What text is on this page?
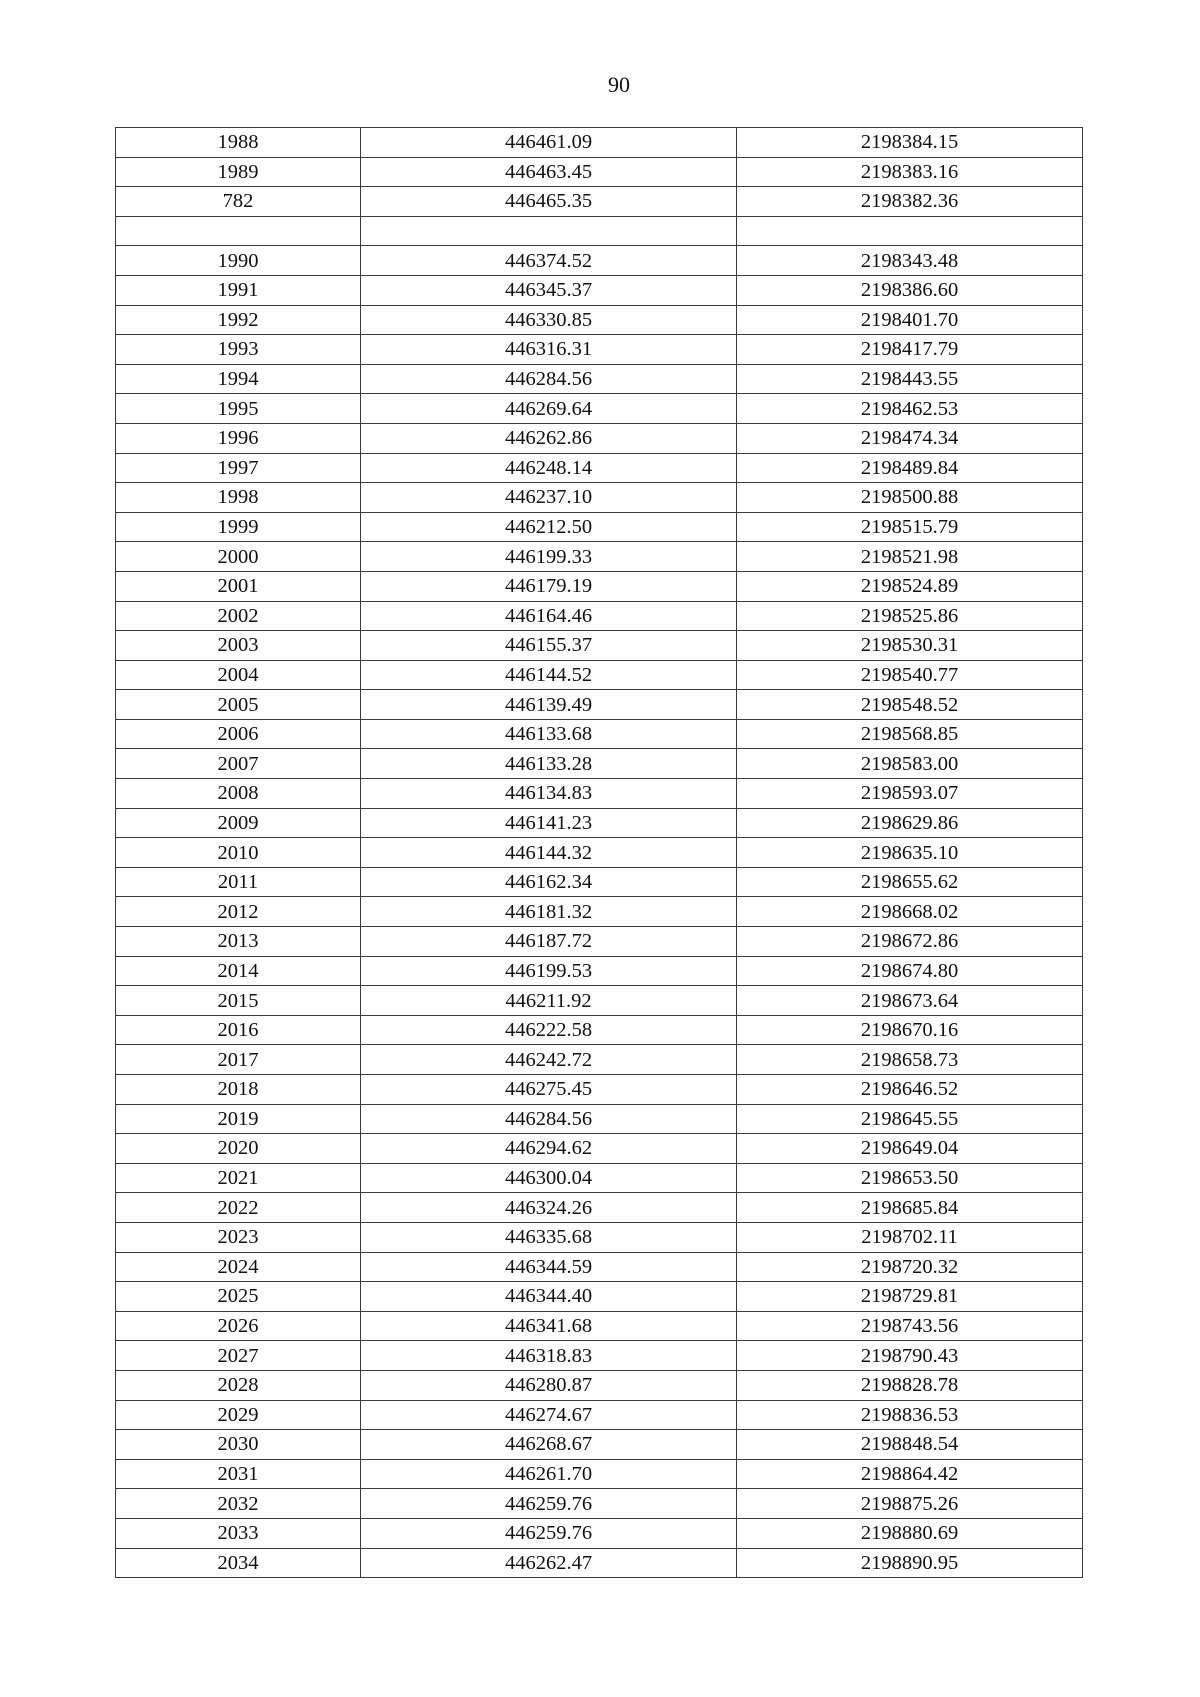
90
1988	446461.09	2198384.15
1989	446463.45	2198383.16
782	446465.35	2198382.36

1990	446374.52	2198343.48
1991	446345.37	2198386.60
1992	446330.85	2198401.70
1993	446316.31	2198417.79
1994	446284.56	2198443.55
1995	446269.64	2198462.53
1996	446262.86	2198474.34
1997	446248.14	2198489.84
1998	446237.10	2198500.88
1999	446212.50	2198515.79
2000	446199.33	2198521.98
2001	446179.19	2198524.89
2002	446164.46	2198525.86
2003	446155.37	2198530.31
2004	446144.52	2198540.77
2005	446139.49	2198548.52
2006	446133.68	2198568.85
2007	446133.28	2198583.00
2008	446134.83	2198593.07
2009	446141.23	2198629.86
2010	446144.32	2198635.10
2011	446162.34	2198655.62
2012	446181.32	2198668.02
2013	446187.72	2198672.86
2014	446199.53	2198674.80
2015	446211.92	2198673.64
2016	446222.58	2198670.16
2017	446242.72	2198658.73
2018	446275.45	2198646.52
2019	446284.56	2198645.55
2020	446294.62	2198649.04
2021	446300.04	2198653.50
2022	446324.26	2198685.84
2023	446335.68	2198702.11
2024	446344.59	2198720.32
2025	446344.40	2198729.81
2026	446341.68	2198743.56
2027	446318.83	2198790.43
2028	446280.87	2198828.78
2029	446274.67	2198836.53
2030	446268.67	2198848.54
2031	446261.70	2198864.42
2032	446259.76	2198875.26
2033	446259.76	2198880.69
2034	446262.47	2198890.95
